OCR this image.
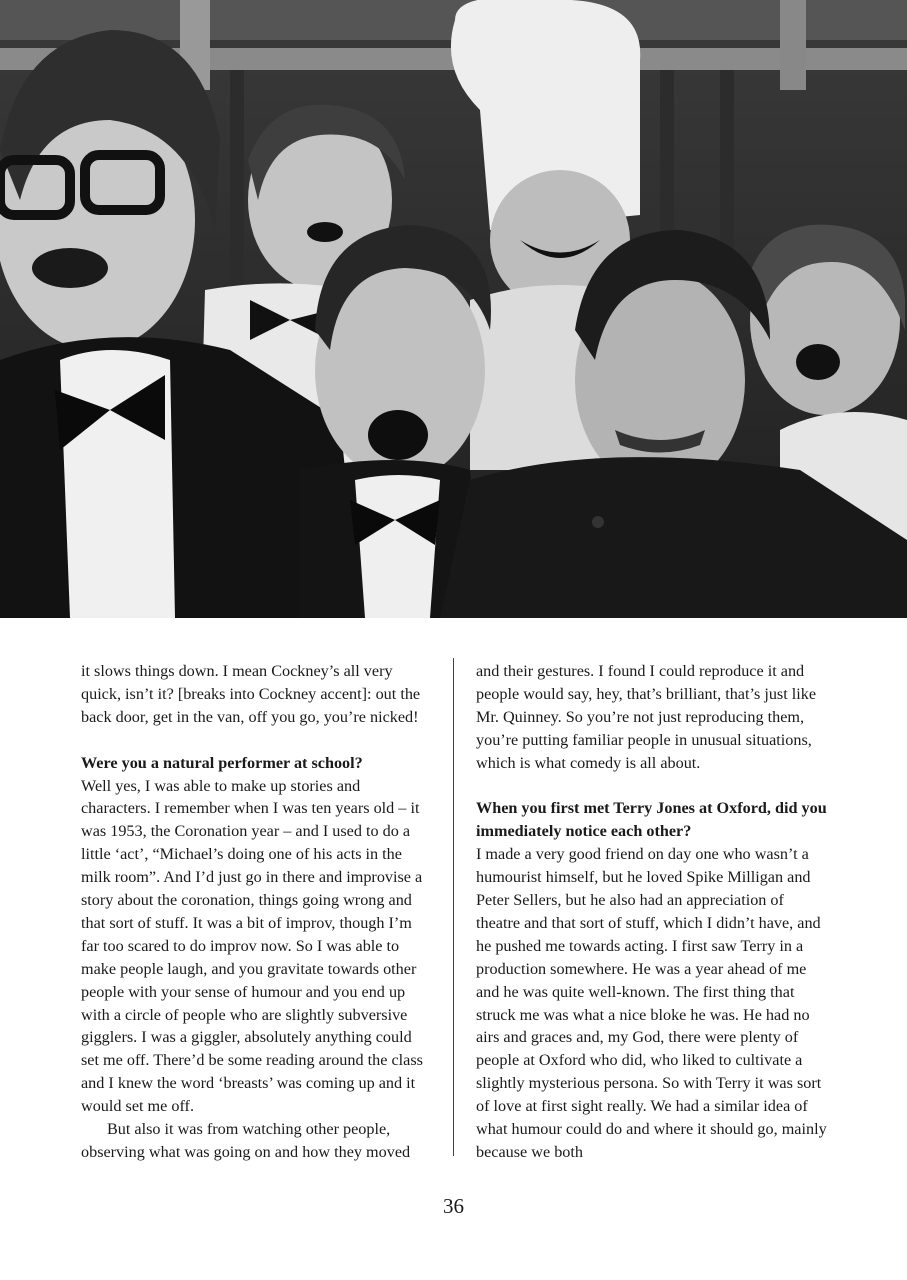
it slows things down. I mean Cockney’s all very quick, isn’t it? [breaks into Cockney accent]: out the back door, get in the van, off you go, you’re nicked!

Were you a natural performer at school?

Well yes, I was able to make up stories and characters. I remember when I was ten years old – it was 1953, the Coronation year – and I used to do a little ‘act’, “Michael’s doing one of his acts in the milk room”. And I’d just go in there and improvise a story about the coronation, things going wrong and that sort of stuff. It was a bit of improv, though I’m far too scared to do improv now. So I was able to make people laugh, and you gravitate towards other people with your sense of humour and you end up with a circle of people who are slightly subversive gigglers. I was a giggler, absolutely anything could set me off. There’d be some reading around the class and I knew the word ‘breasts’ was coming up and it would set me off.

But also it was from watching other people, observing what was going on and how they moved

and their gestures. I found I could reproduce it and people would say, hey, that’s brilliant, that’s just like Mr. Quinney. So you’re not just reproducing them, you’re putting familiar people in unusual situations, which is what comedy is all about.

When you first met Terry Jones at Oxford, did you immediately notice each other?

I made a very good friend on day one who wasn’t a humourist himself, but he loved Spike Milligan and Peter Sellers, but he also had an appreciation of theatre and that sort of stuff, which I didn’t have, and he pushed me towards acting. I first saw Terry in a production somewhere. He was a year ahead of me and he was quite well-known. The first thing that struck me was what a nice bloke he was. He had no airs and graces and, my God, there were plenty of people at Oxford who did, who liked to cultivate a slightly mysterious persona. So with Terry it was sort of love at first sight really. We had a similar idea of what humour could do and where it should go, mainly because we both

36
